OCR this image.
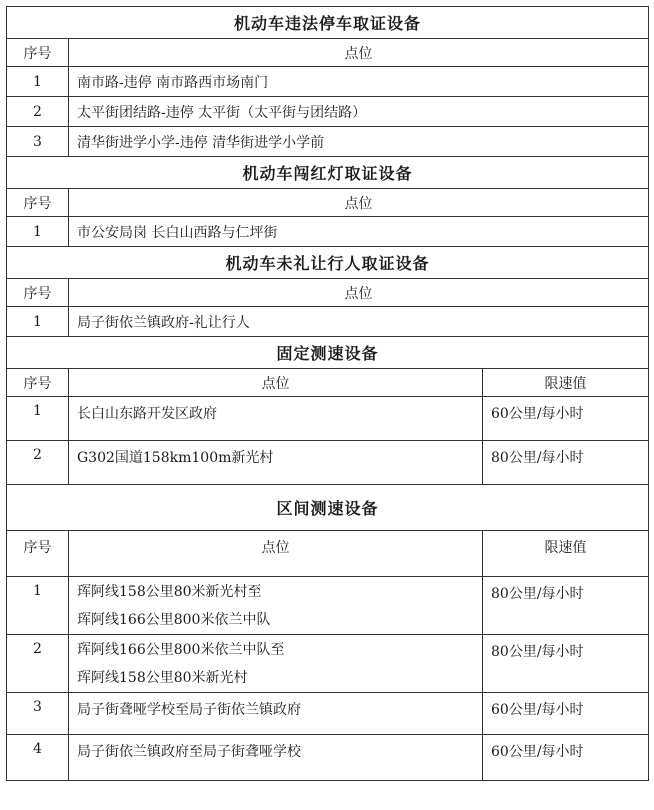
机动车违法停车取证设备		
序号	点位	
1	南市路-违停 南市路西市场南门	
2	太平街团结路-违停 太平街（太平街与团结路）	
3	清华街进学小学-违停 清华街进学小学前	
机动车闯红灯取证设备		
序号	点位	
1	市公安局岗 长白山西路与仁坪街	
机动车未礼让行人取证设备		
序号	点位	
1	局子街依兰镇政府-礼让行人	
固定测速设备		
序号	点位	限速值
1	长白山东路开发区政府	60公里/每小时
2	G302国道158km100m新光村	80公里/每小时
区间测速设备		
序号	点位	限速值
1	珲阿线158公里80米新光村至
珲阿线166公里800米依兰中队	80公里/每小时
2	珲阿线166公里800米依兰中队至
珲阿线158公里80米新光村	80公里/每小时
3	局子街聋哑学校至局子街依兰镇政府	60公里/每小时
4	局子街依兰镇政府至局子街聋哑学校	60公里/每小时
